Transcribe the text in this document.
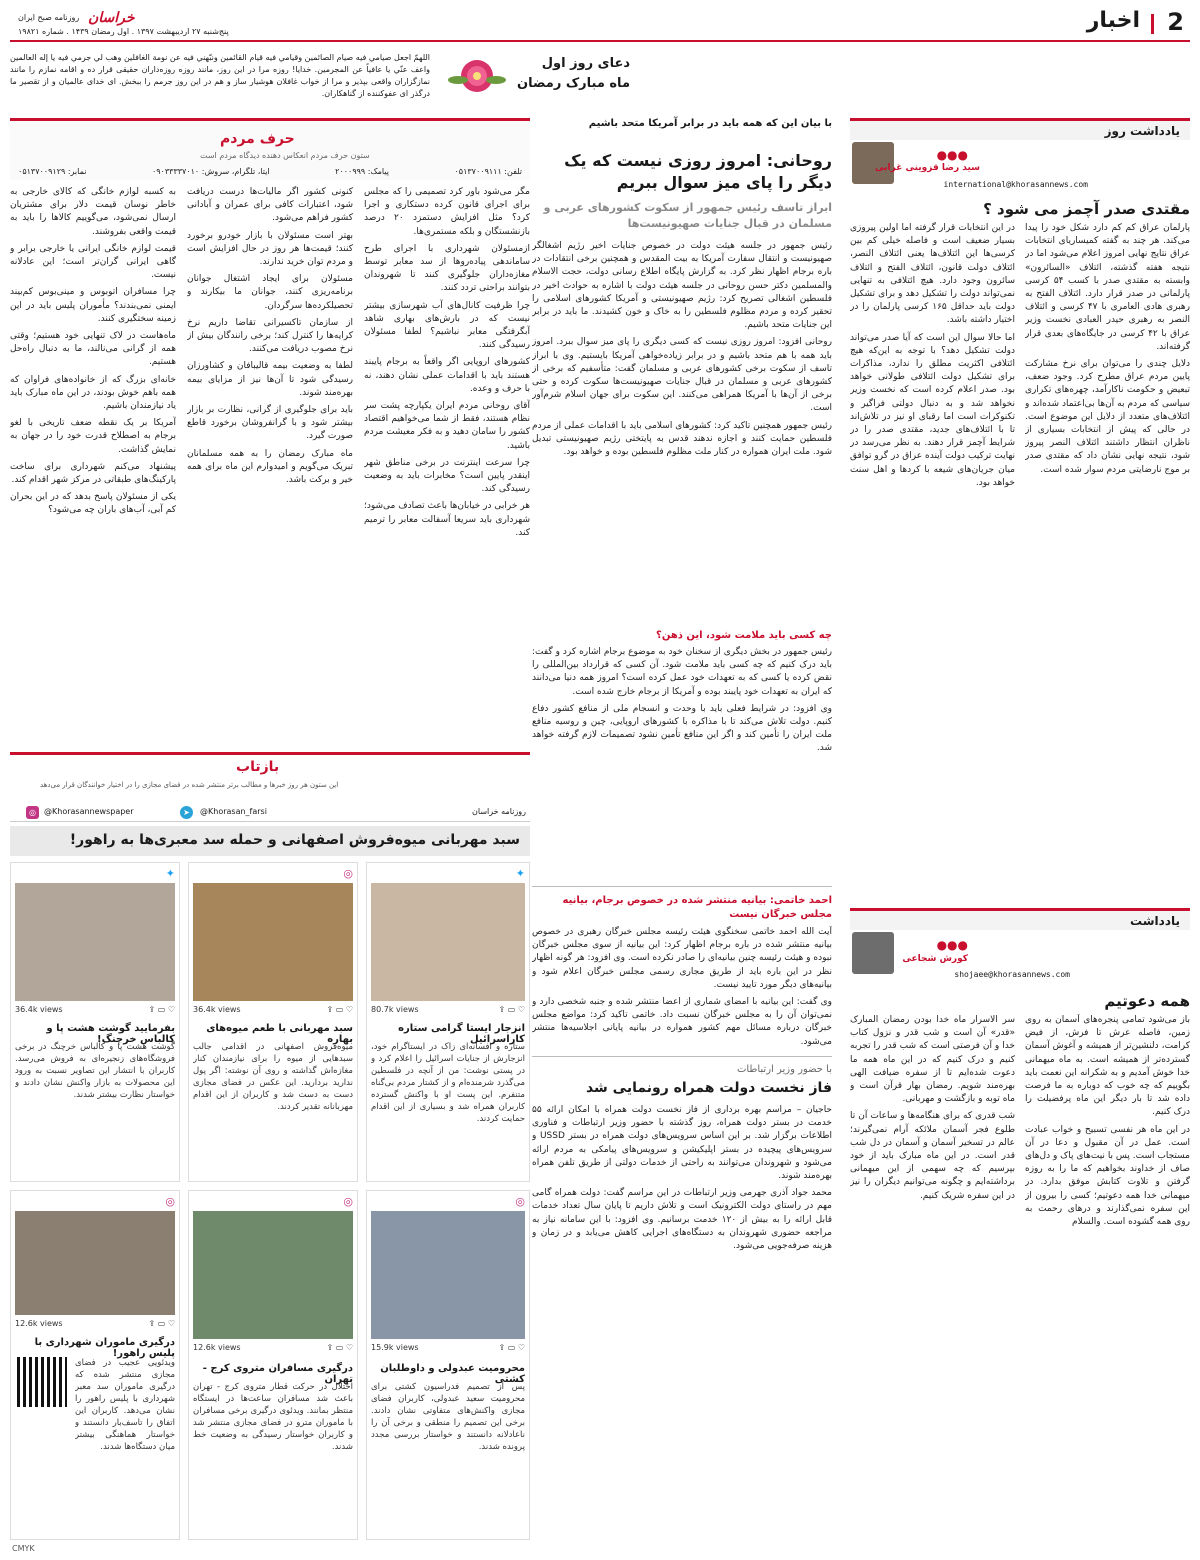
2
اخبار
خراسان
روزنامه صبح ایران
پنج‌شنبه ۲۷ اردیبهشت ۱۳۹۷ . اول رمضان ۱۴۳۹ . شماره ۱۹۸۲۱
اللهمّ اجعل صيامي فيه صيام الصائمين وقيامي فيه قيام القائمين ونبّهني فيه عن نومة الغافلين وهب لي جرمي فيه يا إله العالمين واعف عنّي يا عافياً عن المجرمين. خدایا! روزه مرا در این روز، مانند روزه روزه‌داران حقیقی قرار ده و اقامه نمازم را مانند نمازگزاران واقعی بپذیر و مرا از خواب غافلان هوشیار ساز و هم در این روز جرمم را ببخش. ای خدای عالمیان و از تقصیر ما درگذر ای عفوکننده از گناهکاران.
دعای روز اول
ماه مبارک رمضان
یادداشت روز
●●●
سید رضا قزوینی غرابی
international@khorasannews.com
مقتدی صدر آچمز می شود ؟

پارلمان عراق کم کم دارد شکل خود را پیدا می‌کند. هر چند به گفته کمیساریای انتخابات عراق نتایج نهایی امروز اعلام می‌شود اما در نتیجه هفته گذشته، ائتلاف «السائرون» وابسته به مقتدی صدر با کسب ۵۴ کرسی پارلمانی در صدر قرار دارد. ائتلاف الفتح به رهبری هادی العامری با ۴۷ کرسی و ائتلاف النصر به رهبری حیدر العبادی نخست وزیر عراق با ۴۲ کرسی در جایگاه‌های بعدی قرار گرفته‌اند.

دلایل چندی را می‌توان برای نرخ مشارکت پایین مردم عراق مطرح کرد. وجود ضعف، تبعیض و حکومت ناکارآمد، چهره‌های تکراری سیاسی که مردم به آن‌ها بی‌اعتماد شده‌اند و ائتلاف‌های متعدد از دلایل این موضوع است. در حالی که پیش از انتخابات بسیاری از ناظران انتظار داشتند ائتلاف النصر پیروز شود، نتیجه نهایی نشان داد که مقتدی صدر بر موج نارضایتی مردم سوار شده است.

در این انتخابات قرار گرفته اما اولین پیروزی بسیار ضعیف است و فاصله خیلی کم بین کرسی‌ها این ائتلاف‌ها یعنی ائتلاف النصر، ائتلاف دولت قانون، ائتلاف الفتح و ائتلاف سائرون وجود دارد. هیچ ائتلافی به تنهایی نمی‌تواند دولت را تشکیل دهد و برای تشکیل دولت باید حداقل ۱۶۵ کرسی پارلمان را در اختیار داشته باشد.

اما حالا سوال این است که آیا صدر می‌تواند دولت تشکیل دهد؟ با توجه به این‌که هیچ ائتلافی اکثریت مطلق را ندارد، مذاکرات برای تشکیل دولت ائتلافی طولانی خواهد بود. صدر اعلام کرده است که نخست وزیر نخواهد شد و به دنبال دولتی فراگیر و تکنوکرات است اما رقبای او نیز در تلاش‌اند تا با ائتلاف‌های جدید، مقتدی صدر را در شرایط آچمز قرار دهند. به نظر می‌رسد در نهایت ترکیب دولت آینده عراق در گرو توافق میان جریان‌های شیعه با کردها و اهل سنت خواهد بود.

یادداشت
●●●
کورش شجاعی
shojaee@khorasannews.com
همه دعوتیم

باز می‌شود تمامی پنجره‌های آسمان به روی زمین، فاصله عرش تا فرش، از فیض کرامت، دلنشین‌تر از همیشه و آغوش آسمان گسترده‌تر از همیشه است. به ماه میهمانی خدا خوش آمدیم و به شکرانه این نعمت باید بگوییم که چه خوب که دوباره به ما فرصت داده شد تا بار دیگر این ماه پرفضیلت را درک کنیم.

در این ماه هر نفسی تسبیح و خواب عبادت است. عمل در آن مقبول و دعا در آن مستجاب است. پس با نیت‌های پاک و دل‌های صاف از خداوند بخواهیم که ما را به روزه گرفتن و تلاوت کتابش موفق بدارد. در میهمانی خدا همه دعوتیم؛ کسی را بیرون از این سفره نمی‌گذارند و درهای رحمت به روی همه گشوده است. والسلام

سر الاسرار ماه خدا بودن رمضان المبارک «قدر» آن است و شب قدر و نزول کتاب خدا و آن فرصتی است که شب قدر را تجربه کنیم و درک کنیم که در این ماه همه ما دعوت شده‌ایم تا از سفره ضیافت الهی بهره‌مند شویم. رمضان بهار قرآن است و ماه توبه و بازگشت و مهربانی.

شب قدری که برای هنگامه‌ها و ساعات آن تا طلوع فجر آسمان ملائکه آرام نمی‌گیرند؛ عالم در تسخیر آسمان و آسمان در دل شب قدر است. در این ماه مبارک باید از خود بپرسیم که چه سهمی از این میهمانی برداشته‌ایم و چگونه می‌توانیم دیگران را نیز در این سفره شریک کنیم.

با بیان این که همه باید در برابر آمریکا متحد باشیم
روحانی: امروز روزی نیست که یک دیگر را پای میز سوال ببریم
ابراز تاسف رئیس جمهور از سکوت کشورهای عربی و مسلمان در قبال جنایات صهیونیست‌ها

رئیس جمهور در جلسه هیئت دولت در خصوص جنایات اخیر رژیم اشغالگر صهیونیست و انتقال سفارت آمریکا به بیت المقدس و همچنین برخی انتقادات در باره برجام اظهار نظر کرد. به گزارش پایگاه اطلاع رسانی دولت، حجت الاسلام والمسلمین دکتر حسن روحانی در جلسه هیئت دولت با اشاره به حوادث اخیر در فلسطین اشغالی تصریح کرد: رژیم صهیونیستی و آمریکا کشورهای اسلامی را تحقیر کرده و مردم مظلوم فلسطین را به خاک و خون کشیدند. ما باید در برابر این جنایات متحد باشیم.

روحانی افزود: امروز روزی نیست که کسی دیگری را پای میز سوال ببرد. امروز باید همه با هم متحد باشیم و در برابر زیاده‌خواهی آمریکا بایستیم. وی با ابراز تاسف از سکوت برخی کشورهای عربی و مسلمان گفت: متأسفیم که برخی از کشورهای عربی و مسلمان در قبال جنایات صهیونیست‌ها سکوت کرده و حتی برخی از آن‌ها با آمریکا همراهی می‌کنند. این سکوت برای جهان اسلام شرم‌آور است.

رئیس جمهور همچنین تاکید کرد: کشورهای اسلامی باید با اقدامات عملی از مردم فلسطین حمایت کنند و اجازه ندهند قدس به پایتختی رژیم صهیونیستی تبدیل شود. ملت ایران همواره در کنار ملت مظلوم فلسطین بوده و خواهد بود.

چه کسی باید ملامت شود، این ذهن؟

رئیس جمهور در بخش دیگری از سخنان خود به موضوع برجام اشاره کرد و گفت: باید درک کنیم که چه کسی باید ملامت شود. آن کسی که قرارداد بین‌المللی را نقض کرده یا کسی که به تعهدات خود عمل کرده است؟ امروز همه دنیا می‌دانند که ایران به تعهدات خود پایبند بوده و آمریکا از برجام خارج شده است.

وی افزود: در شرایط فعلی باید با وحدت و انسجام ملی از منافع کشور دفاع کنیم. دولت تلاش می‌کند تا با مذاکره با کشورهای اروپایی، چین و روسیه منافع ملت ایران را تأمین کند و اگر این منافع تأمین نشود تصمیمات لازم گرفته خواهد شد.

احمد خاتمی: بیانیه منتشر شده در خصوص برجام، بیانیه مجلس خبرگان نیست

آیت الله احمد خاتمی سخنگوی هیئت رئیسه مجلس خبرگان رهبری در خصوص بیانیه منتشر شده در باره برجام اظهار کرد: این بیانیه از سوی مجلس خبرگان نبوده و هیئت رئیسه چنین بیانیه‌ای را صادر نکرده است. وی افزود: هر گونه اظهار نظر در این باره باید از طریق مجاری رسمی مجلس خبرگان اعلام شود و بیانیه‌های دیگر مورد تایید نیست.

وی گفت: این بیانیه با امضای شماری از اعضا منتشر شده و جنبه شخصی دارد و نمی‌توان آن را به مجلس خبرگان نسبت داد. خاتمی تاکید کرد: مواضع مجلس خبرگان درباره مسائل مهم کشور همواره در بیانیه پایانی اجلاسیه‌ها منتشر می‌شود.

با حضور وزیر ارتباطات
فاز نخست دولت همراه رونمایی شد

حاجیان – مراسم بهره برداری از فاز نخست دولت همراه با امکان ارائه ۵۵ خدمت در بستر دولت همراه، روز گذشته با حضور وزیر ارتباطات و فناوری اطلاعات برگزار شد. بر این اساس سرویس‌های دولت همراه در بستر USSD و سرویس‌های پیچیده در بستر اپلیکیشن و سرویس‌های پیامکی به مردم ارائه می‌شود و شهروندان می‌توانند به راحتی از خدمات دولتی از طریق تلفن همراه بهره‌مند شوند.

محمد جواد آذری جهرمی وزیر ارتباطات در این مراسم گفت: دولت همراه گامی مهم در راستای دولت الکترونیک است و تلاش داریم تا پایان سال تعداد خدمات قابل ارائه را به بیش از ۱۲۰ خدمت برسانیم. وی افزود: با این سامانه نیاز به مراجعه حضوری شهروندان به دستگاه‌های اجرایی کاهش می‌یابد و در زمان و هزینه صرفه‌جویی می‌شود.

حرف مردم
ستون حرف مردم انعکاس دهنده دیدگاه مردم است
تلفن: ۰۵۱۳۷۰۰۹۱۱۱
پیامک: ۲۰۰۰۹۹۹
ایتا، تلگرام، سروش: ۰۹۰۳۳۳۳۷۰۱۰
نمابر: ۰۵۱۳۷۰۰۹۱۲۹

مگر می‌شود باور کرد تصمیمی را که مجلس برای اجرای قانون کرده دستکاری و اجرا کرد؟ مثل افزایش دستمزد ۲۰ درصد بازنشستگان و بلکه مستمری‌ها.

ازمسئولان شهرداری با اجرای طرح ساماندهی پیاده‌روها از سد معابر توسط مغازه‌داران جلوگیری کنند تا شهروندان بتوانند براحتی تردد کنند.

چرا ظرفیت کانال‌های آب شهرسازی بیشتر نیست که در بارش‌های بهاری شاهد آبگرفتگی معابر نباشیم؟ لطفا مسئولان رسیدگی کنند.

کشورهای اروپایی اگر واقعاً به برجام پایبند هستند باید با اقدامات عملی نشان دهند، نه با حرف و وعده.

آقای روحانی مردم ایران یکپارچه پشت سر نظام هستند، فقط از شما می‌خواهیم اقتصاد کشور را سامان دهید و به فکر معیشت مردم باشید.

چرا سرعت اینترنت در برخی مناطق شهر اینقدر پایین است؟ مخابرات باید به وضعیت رسیدگی کند.

هر خرابی در خیابان‌ها باعث تصادف می‌شود؛ شهرداری باید سریعا آسفالت معابر را ترمیم کند.

کنونی کشور اگر مالیات‌ها درست دریافت شود، اعتبارات کافی برای عمران و آبادانی کشور فراهم می‌شود.

بهتر است مسئولان با بازار خودرو برخورد کنند؛ قیمت‌ها هر روز در حال افزایش است و مردم توان خرید ندارند.

مسئولان برای ایجاد اشتغال جوانان برنامه‌ریزی کنند، جوانان ما بیکارند و تحصیلکرده‌ها سرگردان.

از سازمان تاکسیرانی تقاضا داریم نرخ کرایه‌ها را کنترل کند؛ برخی رانندگان بیش از نرخ مصوب دریافت می‌کنند.

لطفا به وضعیت بیمه قالیبافان و کشاورزان رسیدگی شود تا آن‌ها نیز از مزایای بیمه بهره‌مند شوند.

باید برای جلوگیری از گرانی، نظارت بر بازار بیشتر شود و با گرانفروشان برخورد قاطع صورت گیرد.

ماه مبارک رمضان را به همه مسلمانان تبریک می‌گویم و امیدوارم این ماه برای همه خیر و برکت باشد.

به کسبه لوازم خانگی که کالای خارجی به خاطر نوسان قیمت دلار برای مشتریان ارسال نمی‌شود، می‌گوییم کالاها را باید به قیمت واقعی بفروشند.

قیمت لوازم خانگی ایرانی یا خارجی برابر و گاهی ایرانی گران‌تر است؛ این عادلانه نیست.

چرا مسافران اتوبوس و مینی‌بوس کم‌بیند ایمنی نمی‌بندند؟ مأموران پلیس باید در این زمینه سختگیری کنند.

ماه‌هاست در لاک تنهایی خود هستیم؛ وقتی همه از گرانی می‌نالند، ما به دنبال راه‌حل هستیم.

خانه‌ای بزرگ که از خانواده‌های فراوان که همه باهم خوش بودند، در این ماه مبارک باید یاد نیازمندان باشیم.

آمریکا بر یک نقطه ضعف تاریخی با لغو برجام به اصطلاح قدرت خود را در جهان به نمایش گذاشت.

پیشنهاد می‌کنم شهرداری برای ساخت پارکینگ‌های طبقاتی در مرکز شهر اقدام کند.

یکی از مسئولان پاسخ بدهد که در این بحران کم آبی، آب‌های باران چه می‌شود؟

بازتاب
این ستون هر روز خبرها و مطالب برتر منتشر شده در فضای مجازی را در اختیار خوانندگان قرار می‌دهد
روزنامه خراسان
➤	@Khorasan_farsi
◎	@Khorasannewspaper
سبد مهربانی میوه‌فروش اصفهانی و حمله سد معبری‌ها به راهور!
✦
♡ ▭ ⇪
80.7k views
انزجار ایستا گرامی ستاره کاراسرائیل
ستاره و افسانه‌ای زاک در ایستاگرام خود، انزجارش از جنایات اسرائیل را اعلام کرد و در پستی نوشت: من از آنچه در فلسطین می‌گذرد شرمنده‌ام و از کشتار مردم بی‌گناه متنفرم. این پست او با واکنش گسترده کاربران همراه شد و بسیاری از این اقدام حمایت کردند.
◎
♡ ▭ ⇪
36.4k views
سبد مهربانی با طعم میوه‌های بهاره
میوه‌فروش اصفهانی در اقدامی جالب سبدهایی از میوه را برای نیازمندان کنار مغازه‌اش گذاشته و روی آن نوشته: اگر پول ندارید بردارید. این عکس در فضای مجازی دست به دست شد و کاربران از این اقدام مهربانانه تقدیر کردند.
✦
♡ ▭ ⇪
36.4k views
بفرمایید گوشت هشت پا و کالباس خرچنگ!
گوشت هشت پا و کالباس خرچنگ در برخی فروشگاه‌های زنجیره‌ای به فروش می‌رسد. کاربران با انتشار این تصاویر نسبت به ورود این محصولات به بازار واکنش نشان دادند و خواستار نظارت بیشتر شدند.
◎
♡ ▭ ⇪
15.9k views
محرومیت عبدولی و داوطلبان کشتی
پس از تصمیم فدراسیون کشتی برای محرومیت سعید عبدولی، کاربران فضای مجازی واکنش‌های متفاوتی نشان دادند. برخی این تصمیم را منطقی و برخی آن را ناعادلانه دانستند و خواستار بررسی مجدد پرونده شدند.
◎
♡ ▭ ⇪
12.6k views
درگیری مسافران متروی کرج - تهران
اختلال در حرکت قطار متروی کرج - تهران باعث شد مسافران ساعت‌ها در ایستگاه منتظر بمانند. ویدئوی درگیری برخی مسافران با ماموران مترو در فضای مجازی منتشر شد و کاربران خواستار رسیدگی به وضعیت خط شدند.
◎
♡ ▭ ⇪
12.6k views
درگیری ماموران شهرداری با پلیس راهور!
ویدئویی عجیب در فضای مجازی منتشر شده که درگیری ماموران سد معبر شهرداری با پلیس راهور را نشان می‌دهد. کاربران این اتفاق را تاسف‌بار دانستند و خواستار هماهنگی بیشتر میان دستگاه‌ها شدند.
CMYK
